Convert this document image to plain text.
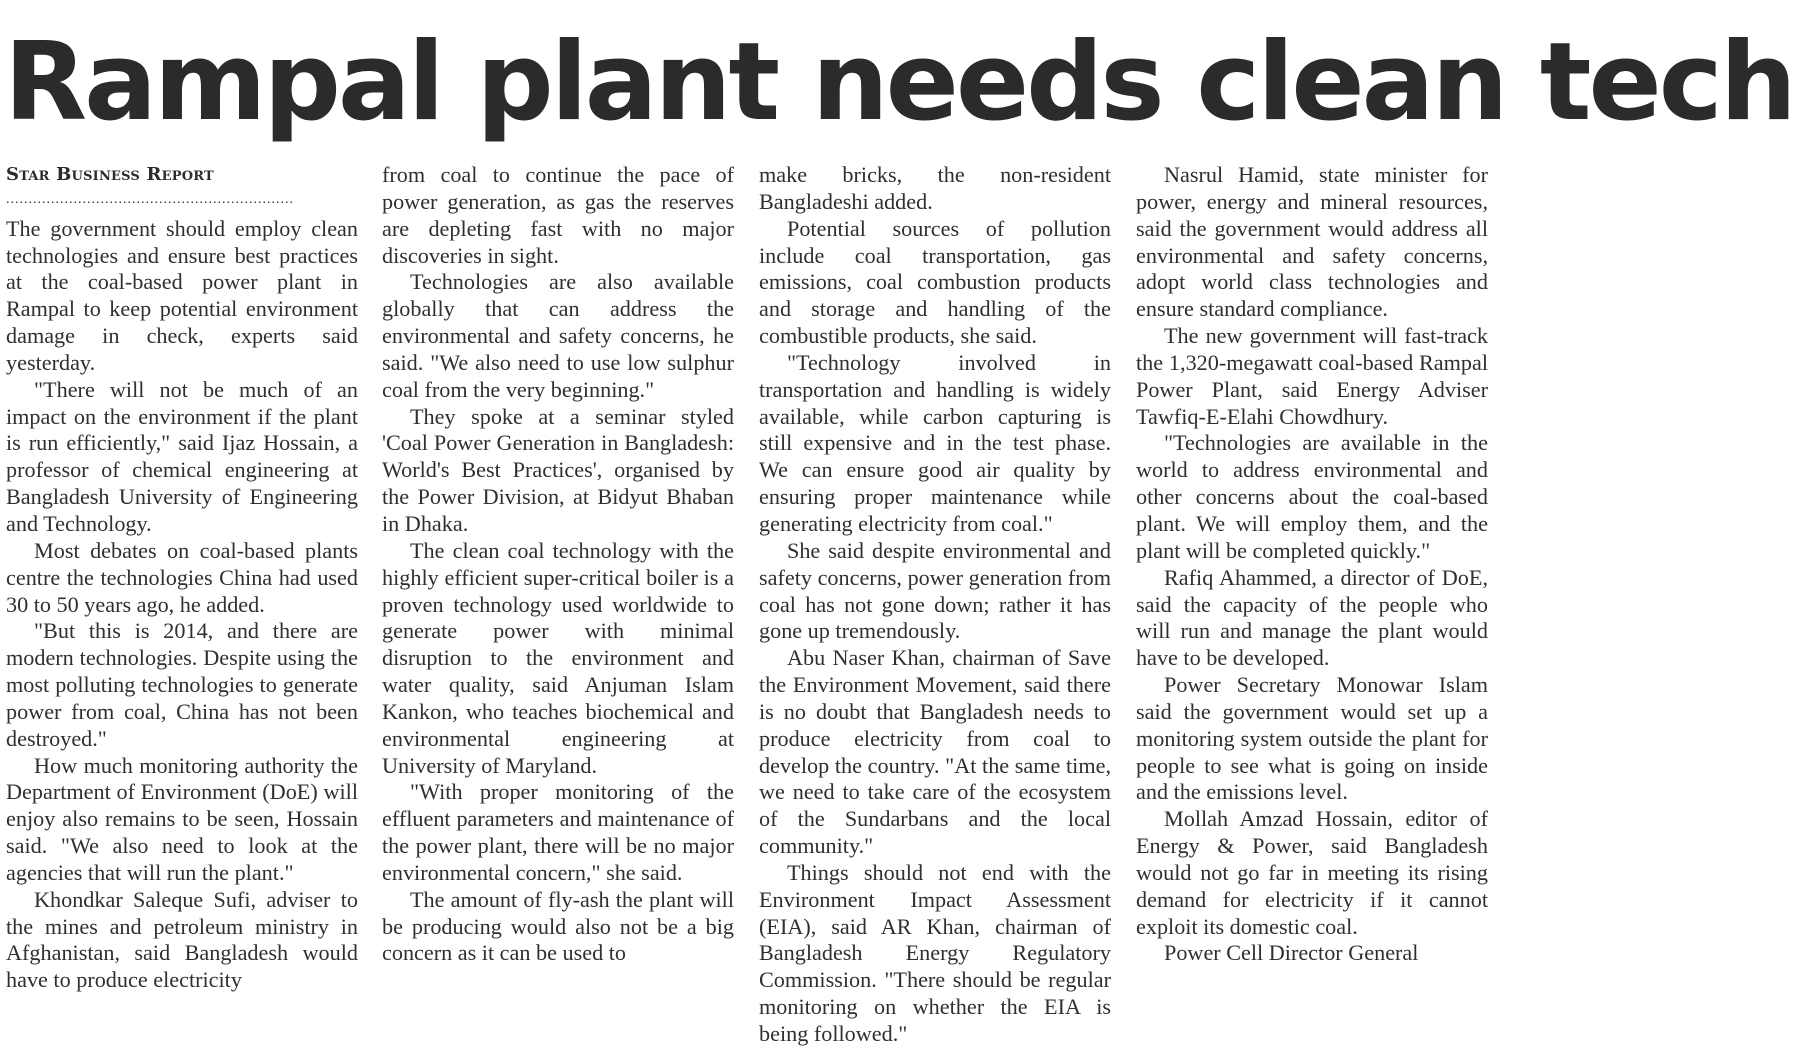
Rampal plant needs clean tech
Star Business Report
................................................................

The government should employ clean technologies and ensure best practices at the coal-based power plant in Rampal to keep potential environment damage in check, experts said yesterday.

"There will not be much of an impact on the environment if the plant is run efficiently," said Ijaz Hossain, a professor of chemical engineering at Bangladesh University of Engineering and Technology.

Most debates on coal-based plants centre the technologies China had used 30 to 50 years ago, he added.

"But this is 2014, and there are modern technologies. Despite using the most polluting technologies to generate power from coal, China has not been destroyed."

How much monitoring authority the Department of Environment (DoE) will enjoy also remains to be seen, Hossain said. "We also need to look at the agencies that will run the plant."

Khondkar Saleque Sufi, adviser to the mines and petroleum ministry in Afghanistan, said Bangladesh would have to produce electricity

from coal to continue the pace of power generation, as gas the reserves are depleting fast with no major discoveries in sight.

Technologies are also available globally that can address the environmental and safety concerns, he said. "We also need to use low sulphur coal from the very beginning."

They spoke at a seminar styled 'Coal Power Generation in Bangladesh: World's Best Practices', organised by the Power Division, at Bidyut Bhaban in Dhaka.

The clean coal technology with the highly efficient super-critical boiler is a proven technology used worldwide to generate power with minimal disruption to the environment and water quality, said Anjuman Islam Kankon, who teaches biochemical and environmental engineering at University of Maryland.

"With proper monitoring of the effluent parameters and maintenance of the power plant, there will be no major environmental concern," she said.

The amount of fly-ash the plant will be producing would also not be a big concern as it can be used to

make bricks, the non-resident Bangladeshi added.

Potential sources of pollution include coal transportation, gas emissions, coal combustion products and storage and handling of the combustible products, she said.

"Technology involved in transportation and handling is widely available, while carbon capturing is still expensive and in the test phase. We can ensure good air quality by ensuring proper maintenance while generating electricity from coal."

She said despite environmental and safety concerns, power generation from coal has not gone down; rather it has gone up tremendously.

Abu Naser Khan, chairman of Save the Environment Movement, said there is no doubt that Bangladesh needs to produce electricity from coal to develop the country. "At the same time, we need to take care of the ecosystem of the Sundarbans and the local community."

Things should not end with the Environment Impact Assessment (EIA), said AR Khan, chairman of Bangladesh Energy Regulatory Commission. "There should be regular monitoring on whether the EIA is being followed."

Nasrul Hamid, state minister for power, energy and mineral resources, said the government would address all environmental and safety concerns, adopt world class technologies and ensure standard compliance.

The new government will fast-track the 1,320-megawatt coal-based Rampal Power Plant, said Energy Adviser Tawfiq-E-Elahi Chowdhury.

"Technologies are available in the world to address environmental and other concerns about the coal-based plant. We will employ them, and the plant will be completed quickly."

Rafiq Ahammed, a director of DoE, said the capacity of the people who will run and manage the plant would have to be developed.

Power Secretary Monowar Islam said the government would set up a monitoring system outside the plant for people to see what is going on inside and the emissions level.

Mollah Amzad Hossain, editor of Energy & Power, said Bangladesh would not go far in meeting its rising demand for electricity if it cannot exploit its domestic coal.

Power Cell Director General
